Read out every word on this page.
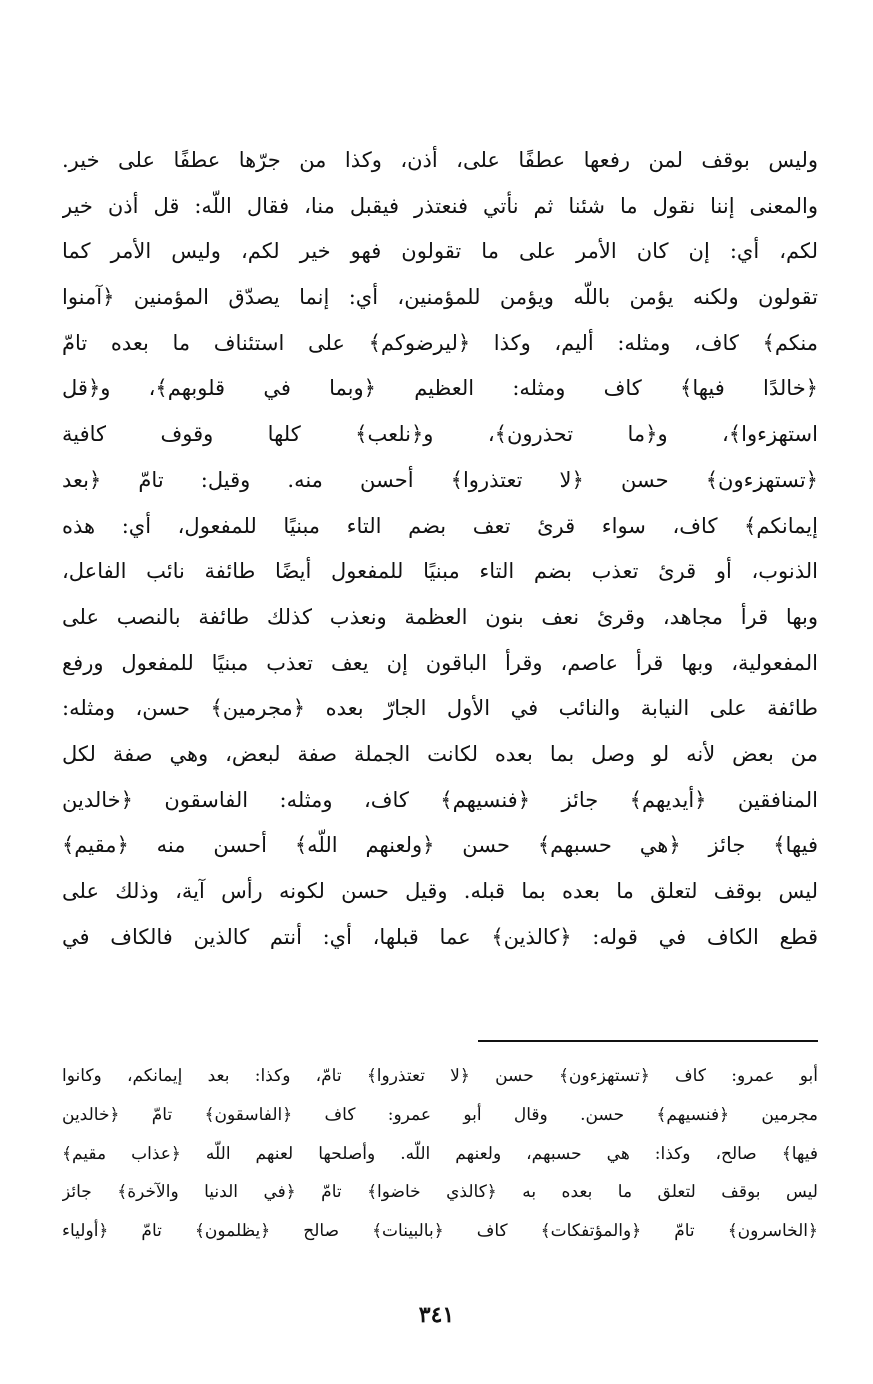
وليس بوقف لمن رفعها عطفًا على، أذن، وكذا من جرّها عطفًا على خير.
والمعنى إننا نقول ما شئنا ثم نأتي فنعتذر فيقبل منا، فقال اللّه: قل أذن خير
لكم، أي: إن كان الأمر على ما تقولون فهو خير لكم، وليس الأمر كما
تقولون ولكنه يؤمن باللّه ويؤمن للمؤمنين، أي: إنما يصدّق المؤمنين ﴿آمنوا
منكم﴾ كاف، ومثله: أليم، وكذا ﴿ليرضوكم﴾ على استئناف ما بعده تامّ
﴿خالدًا فيها﴾ كاف ومثله: العظيم ﴿وبما في قلوبهم﴾، و﴿قل
استهزءوا﴾، و﴿ما تحذرون﴾، و﴿نلعب﴾ كلها وقوف كافية
﴿تستهزءون﴾ حسن ﴿لا تعتذروا﴾ أحسن منه. وقيل: تامّ ﴿بعد
إيمانكم﴾ كاف، سواء قرئ تعف بضم التاء مبنيًا للمفعول، أي: هذه
الذنوب، أو قرئ تعذب بضم التاء مبنيًا للمفعول أيضًا طائفة نائب الفاعل،
وبها قرأ مجاهد، وقرئ نعف بنون العظمة ونعذب كذلك طائفة بالنصب على
المفعولية، وبها قرأ عاصم، وقرأ الباقون إن يعف تعذب مبنيًا للمفعول ورفع
طائفة على النيابة والنائب في الأول الجارّ بعده ﴿مجرمين﴾ حسن، ومثله:
من بعض لأنه لو وصل بما بعده لكانت الجملة صفة لبعض، وهي صفة لكل
المنافقين ﴿أيديهم﴾ جائز ﴿فنسيهم﴾ كاف، ومثله: الفاسقون ﴿خالدين
فيها﴾ جائز ﴿هي حسبهم﴾ حسن ﴿ولعنهم اللّه﴾ أحسن منه ﴿مقيم﴾
ليس بوقف لتعلق ما بعده بما قبله. وقيل حسن لكونه رأس آية، وذلك على
قطع الكاف في قوله: ﴿كالذين﴾ عما قبلها، أي: أنتم كالذين فالكاف في
أبو عمرو: كاف ﴿تستهزءون﴾ حسن ﴿لا تعتذروا﴾ تامّ، وكذا: بعد إيمانكم، وكانوا
مجرمين ﴿فنسيهم﴾ حسن. وقال أبو عمرو: كاف ﴿الفاسقون﴾ تامّ ﴿خالدين
فيها﴾ صالح، وكذا: هي حسبهم، ولعنهم اللّه. وأصلحها لعنهم اللّه ﴿عذاب مقيم﴾
ليس بوقف لتعلق ما بعده به ﴿كالذي خاضوا﴾ تامّ ﴿في الدنيا والآخرة﴾ جائز
﴿الخاسرون﴾ تامّ ﴿والمؤتفكات﴾ كاف ﴿بالبينات﴾ صالح ﴿يظلمون﴾ تامّ ﴿أولياء
٣٤١
